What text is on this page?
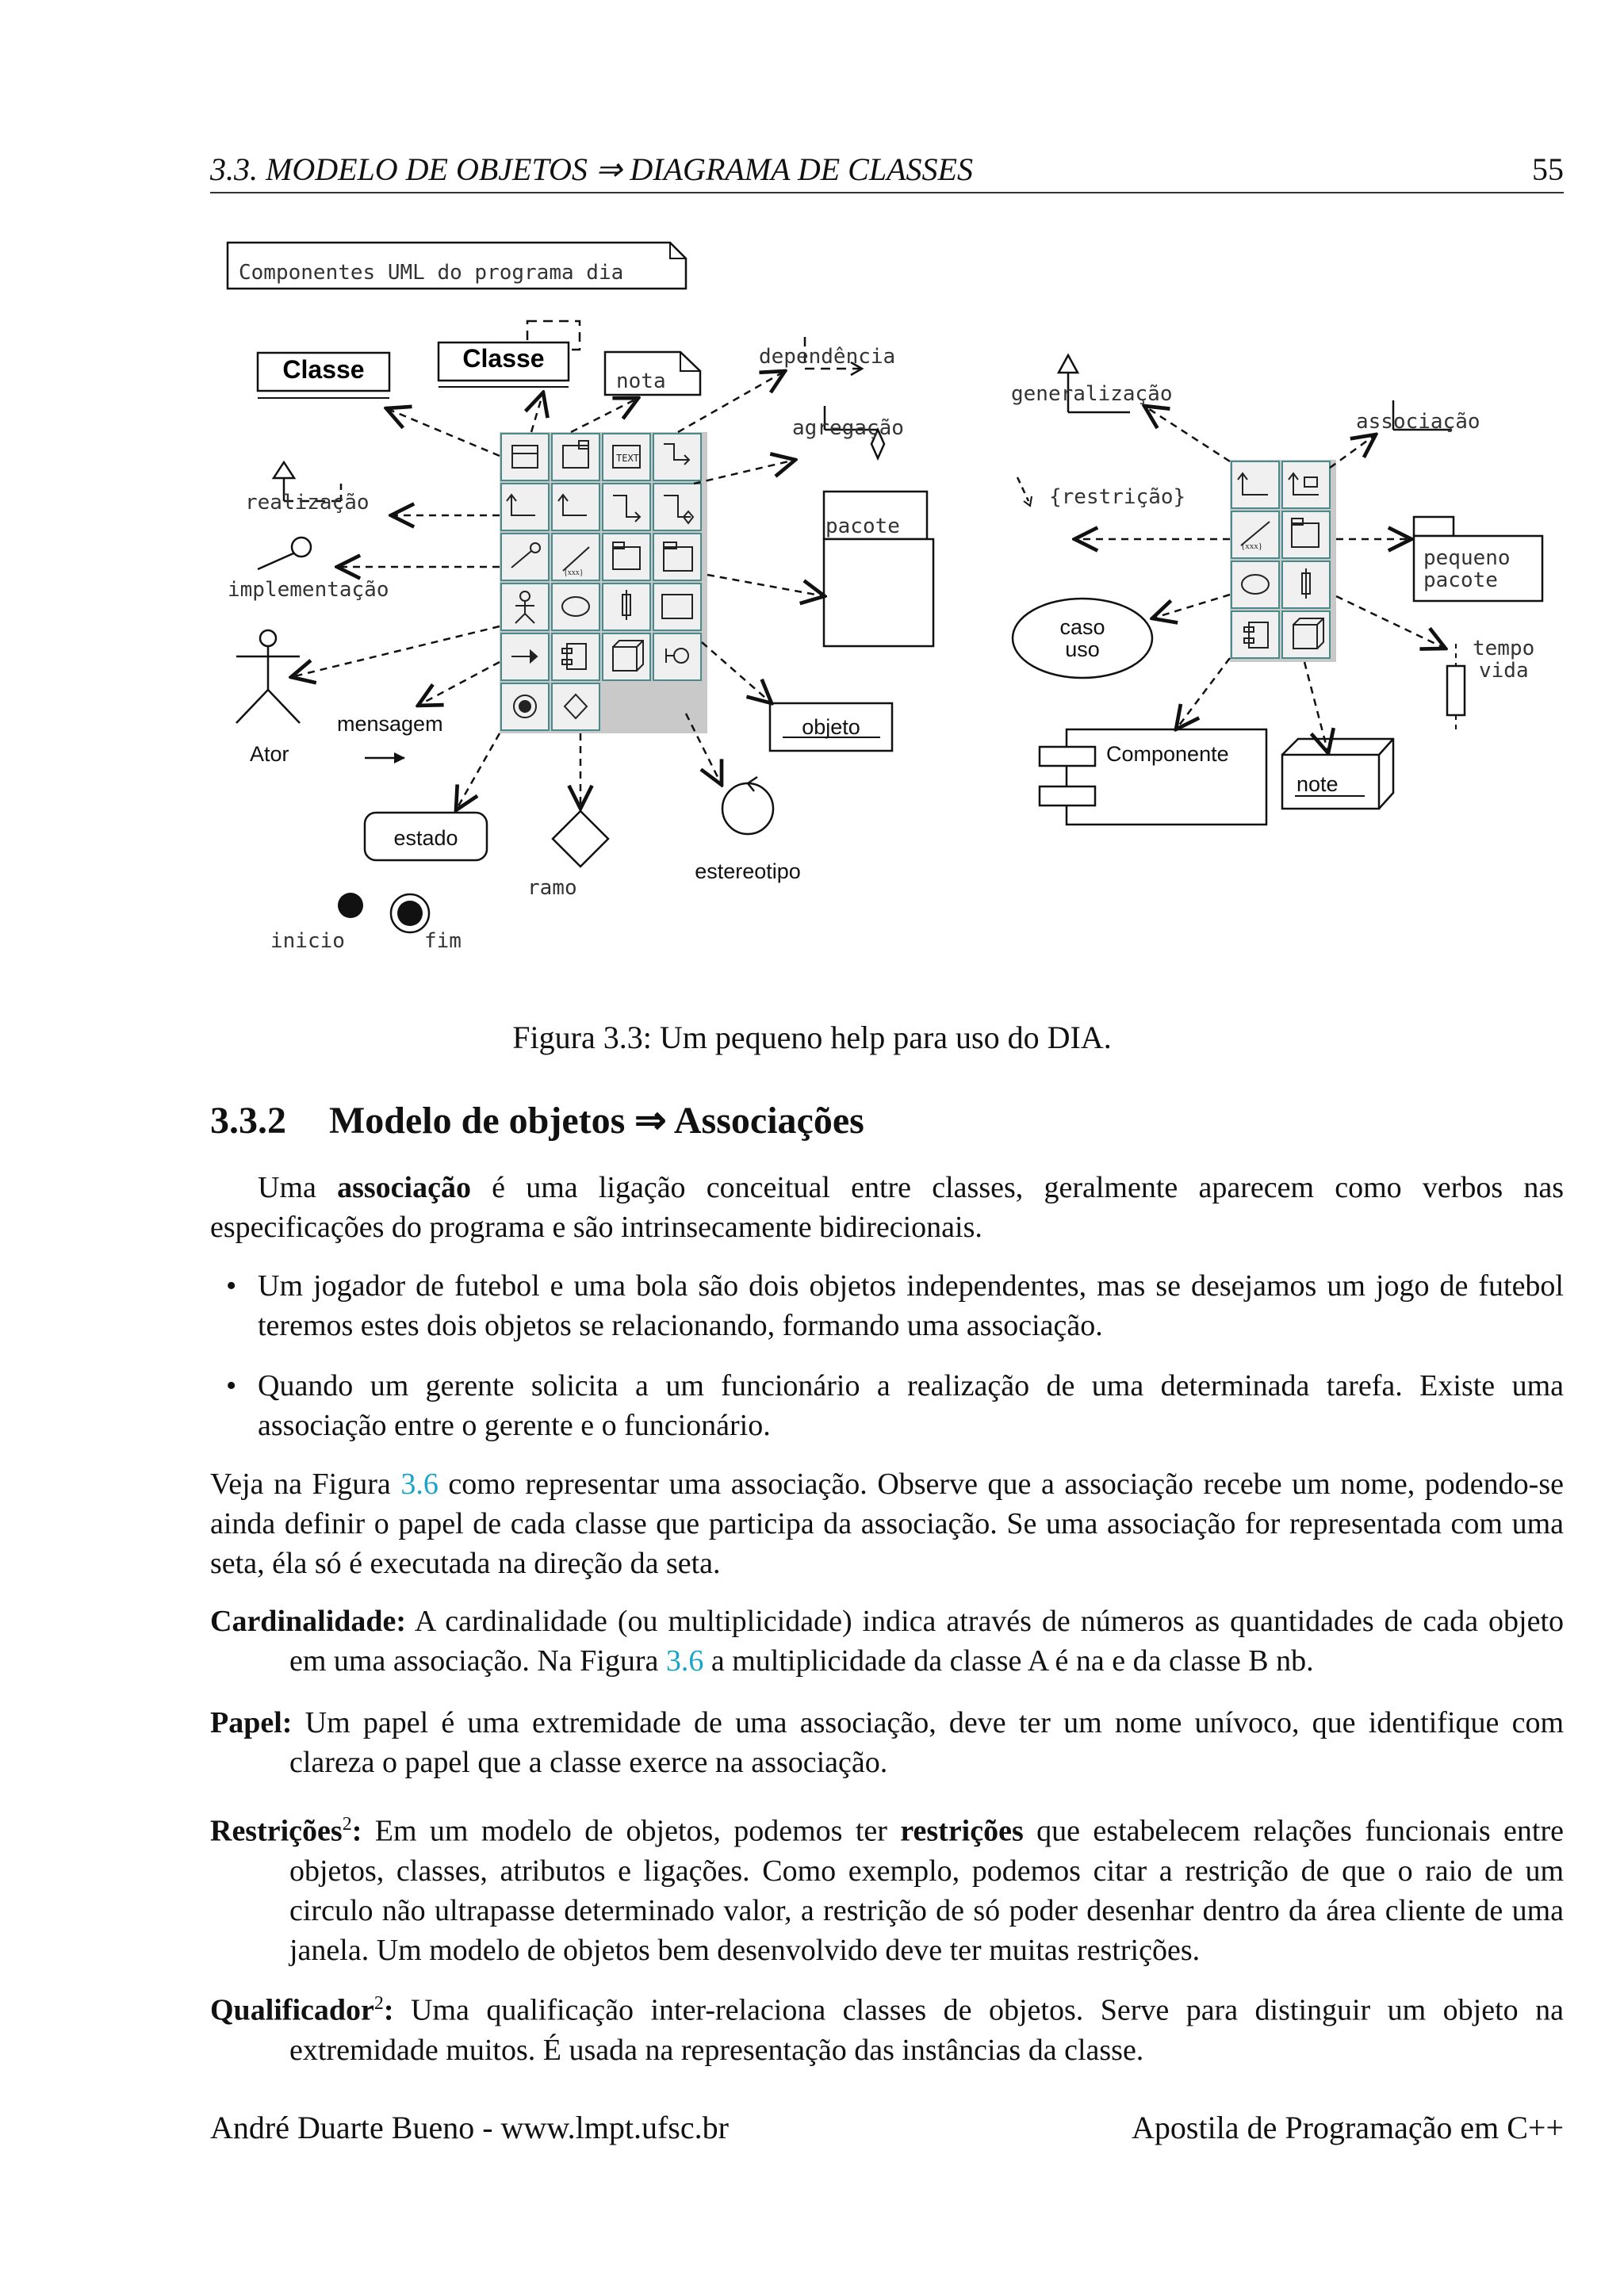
3.3. MODELO DE OBJETOS ⇒ DIAGRAMA DE CLASSES	55
Componentes UML do programa dia
TEXT
{xxx}
Classe	Classe
nota
dependência
agregação
realização
implementação
Ator
mensagem
pacote
objeto
estado
ramo
estereotipo
inicio	fim
{xxx}
generalização
associação
{restrição}
pequeno
pacote
caso
uso	tempo
vida
Componente
note
Figura 3.3: Um pequeno help para uso do DIA.
3.3.2 Modelo de objetos ⇒ Associações
Uma associação é uma ligação conceitual entre classes, geralmente aparecem como verbos nas especificações do programa e são intrinsecamente bidirecionais.
• Um jogador de futebol e uma bola são dois objetos independentes, mas se desejamos um jogo de futebol teremos estes dois objetos se relacionando, formando uma associação.
• Quando um gerente solicita a um funcionário a realização de uma determinada tarefa. Existe uma associação entre o gerente e o funcionário.
Veja na Figura 3.6 como representar uma associação. Observe que a associação recebe um nome, podendo-se ainda definir o papel de cada classe que participa da associação. Se uma associação for representada com uma seta, éla só é executada na direção da seta.
Cardinalidade: A cardinalidade (ou multiplicidade) indica através de números as quantidades de cada objeto em uma associação. Na Figura 3.6 a multiplicidade da classe A é na e da classe B nb.
Papel: Um papel é uma extremidade de uma associação, deve ter um nome unívoco, que identifique com clareza o papel que a classe exerce na associação.
Restrições$^2$: Em um modelo de objetos, podemos ter restrições que estabelecem relações funcionais entre objetos, classes, atributos e ligações. Como exemplo, podemos citar a restrição de que o raio de um circulo não ultrapasse determinado valor, a restrição de só poder desenhar dentro da área cliente de uma janela. Um modelo de objetos bem desenvolvido deve ter muitas restrições.
Qualificador$^2$: Uma qualificação inter-relaciona classes de objetos. Serve para distinguir um objeto na extremidade muitos. É usada na representação das instâncias da classe.
André Duarte Bueno - www.lmpt.ufsc.br	Apostila de Programação em C++
